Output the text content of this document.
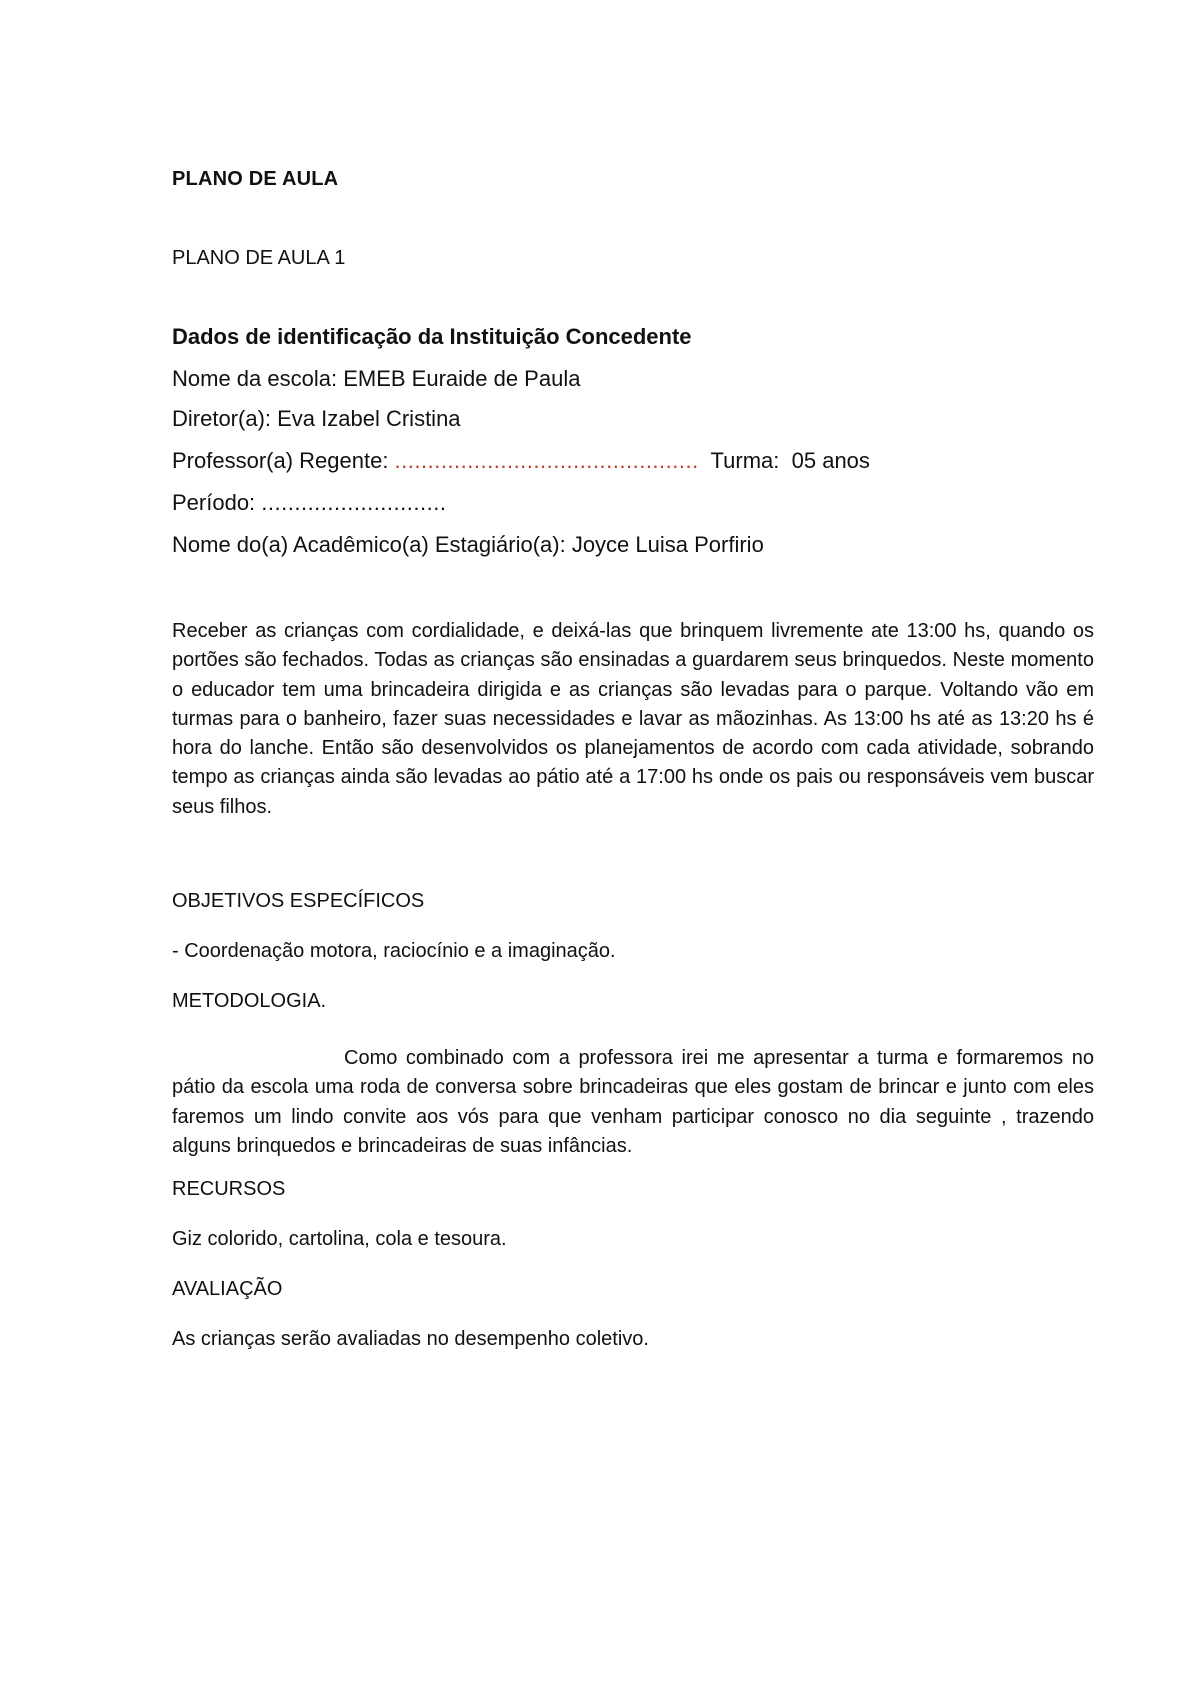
PLANO DE AULA
PLANO DE AULA 1
Dados de identificação da Instituição Concedente
Nome da escola: EMEB Euraide de Paula
Diretor(a): Eva Izabel Cristina
Professor(a) Regente: ..............................................  Turma:  05 anos
Período: ............................
Nome do(a) Acadêmico(a) Estagiário(a): Joyce Luisa Porfirio

Receber as crianças com cordialidade, e deixá-las que brinquem livremente ate 13:00 hs, quando os portões são fechados. Todas as crianças são ensinadas a guardarem seus brinquedos. Neste momento o educador tem uma brincadeira dirigida e as crianças são levadas para o parque. Voltando vão em turmas para o banheiro, fazer suas necessidades e lavar as mãozinhas. As 13:00 hs até as 13:20 hs é hora do lanche. Então são desenvolvidos os planejamentos de acordo com cada atividade, sobrando tempo as crianças ainda são levadas ao pátio até a 17:00 hs onde os pais ou responsáveis vem buscar seus filhos.

OBJETIVOS ESPECÍFICOS
- Coordenação motora, raciocínio e a imaginação.
METODOLOGIA.

Como combinado com a professora irei me apresentar a turma e formaremos no pátio da escola uma roda de conversa sobre brincadeiras que eles gostam de brincar e junto com eles faremos um lindo convite aos vós para que venham participar conosco no dia seguinte , trazendo alguns brinquedos e brincadeiras de suas infâncias.

RECURSOS
Giz colorido, cartolina, cola e tesoura.
AVALIAÇÃO
As crianças serão avaliadas no desempenho coletivo.
